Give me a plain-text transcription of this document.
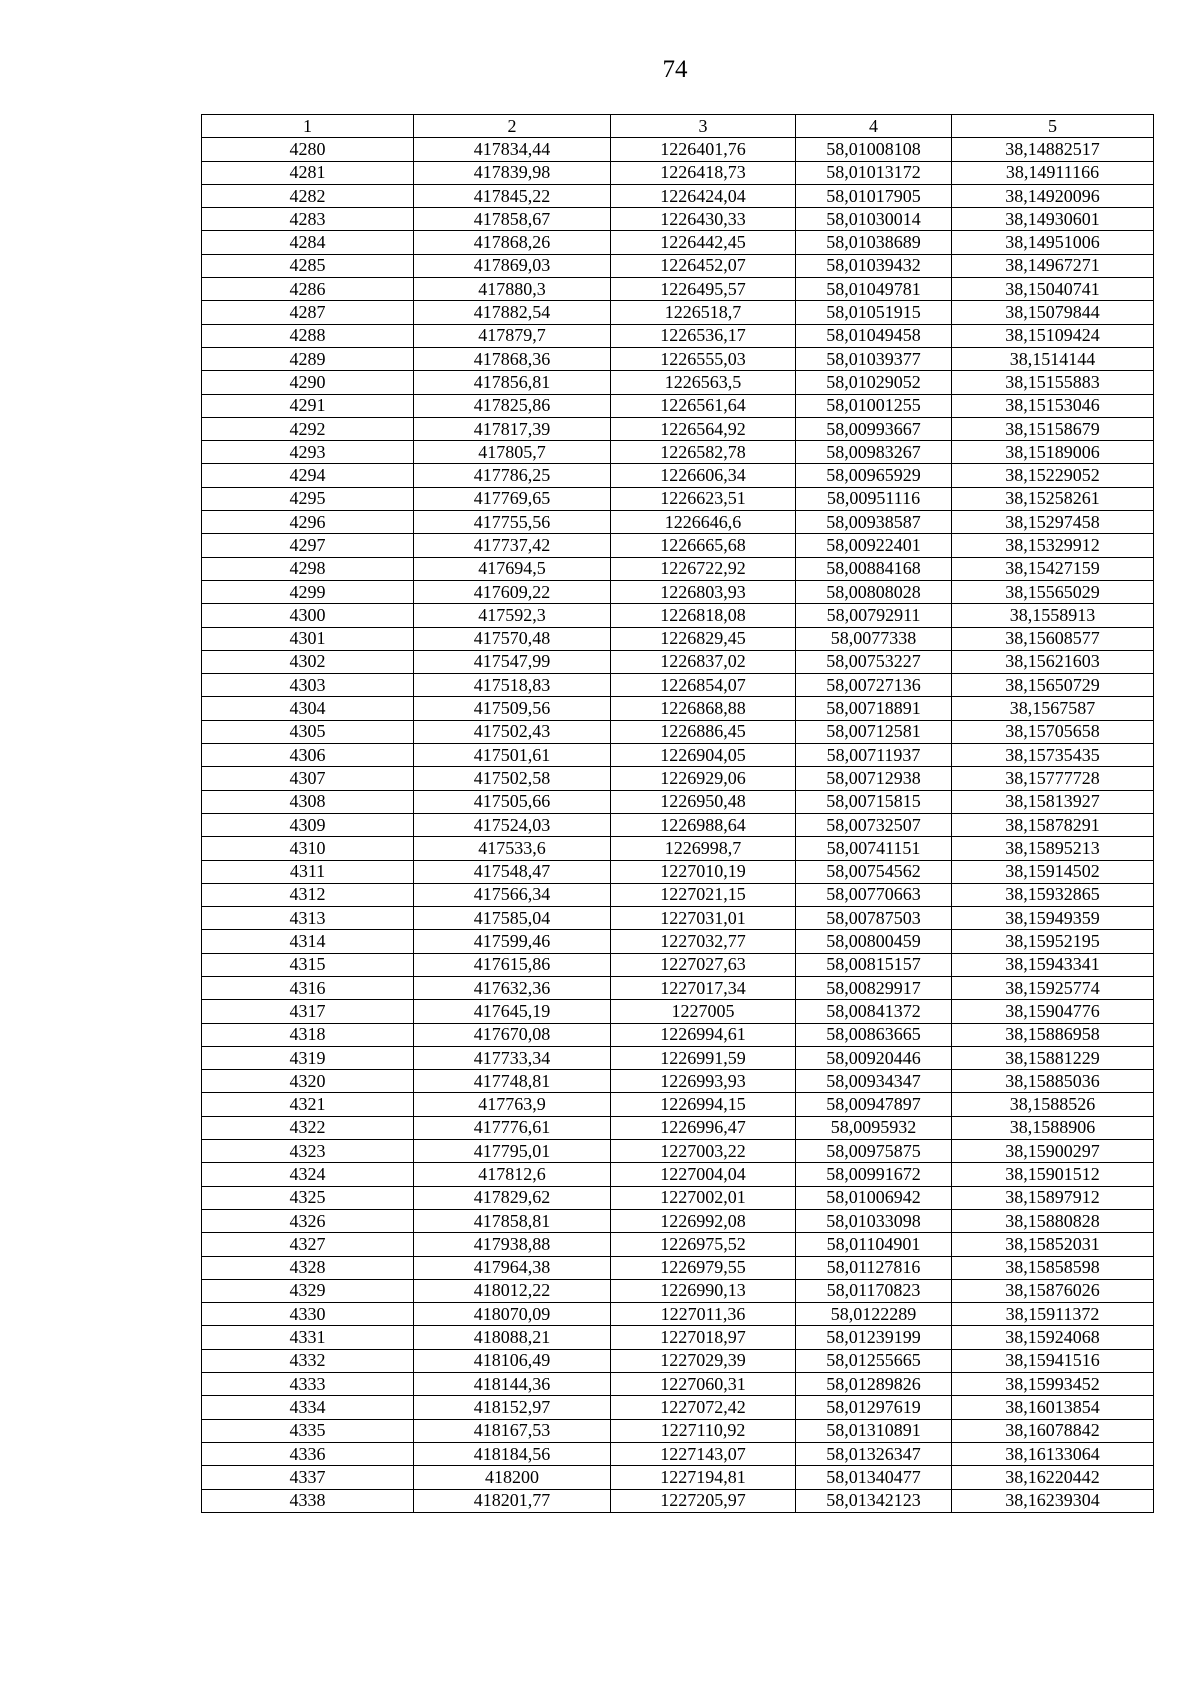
74
1	2	3	4	5
4280	417834,44	1226401,76	58,01008108	38,14882517
4281	417839,98	1226418,73	58,01013172	38,14911166
4282	417845,22	1226424,04	58,01017905	38,14920096
4283	417858,67	1226430,33	58,01030014	38,14930601
4284	417868,26	1226442,45	58,01038689	38,14951006
4285	417869,03	1226452,07	58,01039432	38,14967271
4286	417880,3	1226495,57	58,01049781	38,15040741
4287	417882,54	1226518,7	58,01051915	38,15079844
4288	417879,7	1226536,17	58,01049458	38,15109424
4289	417868,36	1226555,03	58,01039377	38,1514144
4290	417856,81	1226563,5	58,01029052	38,15155883
4291	417825,86	1226561,64	58,01001255	38,15153046
4292	417817,39	1226564,92	58,00993667	38,15158679
4293	417805,7	1226582,78	58,00983267	38,15189006
4294	417786,25	1226606,34	58,00965929	38,15229052
4295	417769,65	1226623,51	58,00951116	38,15258261
4296	417755,56	1226646,6	58,00938587	38,15297458
4297	417737,42	1226665,68	58,00922401	38,15329912
4298	417694,5	1226722,92	58,00884168	38,15427159
4299	417609,22	1226803,93	58,00808028	38,15565029
4300	417592,3	1226818,08	58,00792911	38,1558913
4301	417570,48	1226829,45	58,0077338	38,15608577
4302	417547,99	1226837,02	58,00753227	38,15621603
4303	417518,83	1226854,07	58,00727136	38,15650729
4304	417509,56	1226868,88	58,00718891	38,1567587
4305	417502,43	1226886,45	58,00712581	38,15705658
4306	417501,61	1226904,05	58,00711937	38,15735435
4307	417502,58	1226929,06	58,00712938	38,15777728
4308	417505,66	1226950,48	58,00715815	38,15813927
4309	417524,03	1226988,64	58,00732507	38,15878291
4310	417533,6	1226998,7	58,00741151	38,15895213
4311	417548,47	1227010,19	58,00754562	38,15914502
4312	417566,34	1227021,15	58,00770663	38,15932865
4313	417585,04	1227031,01	58,00787503	38,15949359
4314	417599,46	1227032,77	58,00800459	38,15952195
4315	417615,86	1227027,63	58,00815157	38,15943341
4316	417632,36	1227017,34	58,00829917	38,15925774
4317	417645,19	1227005	58,00841372	38,15904776
4318	417670,08	1226994,61	58,00863665	38,15886958
4319	417733,34	1226991,59	58,00920446	38,15881229
4320	417748,81	1226993,93	58,00934347	38,15885036
4321	417763,9	1226994,15	58,00947897	38,1588526
4322	417776,61	1226996,47	58,0095932	38,1588906
4323	417795,01	1227003,22	58,00975875	38,15900297
4324	417812,6	1227004,04	58,00991672	38,15901512
4325	417829,62	1227002,01	58,01006942	38,15897912
4326	417858,81	1226992,08	58,01033098	38,15880828
4327	417938,88	1226975,52	58,01104901	38,15852031
4328	417964,38	1226979,55	58,01127816	38,15858598
4329	418012,22	1226990,13	58,01170823	38,15876026
4330	418070,09	1227011,36	58,0122289	38,15911372
4331	418088,21	1227018,97	58,01239199	38,15924068
4332	418106,49	1227029,39	58,01255665	38,15941516
4333	418144,36	1227060,31	58,01289826	38,15993452
4334	418152,97	1227072,42	58,01297619	38,16013854
4335	418167,53	1227110,92	58,01310891	38,16078842
4336	418184,56	1227143,07	58,01326347	38,16133064
4337	418200	1227194,81	58,01340477	38,16220442
4338	418201,77	1227205,97	58,01342123	38,16239304
